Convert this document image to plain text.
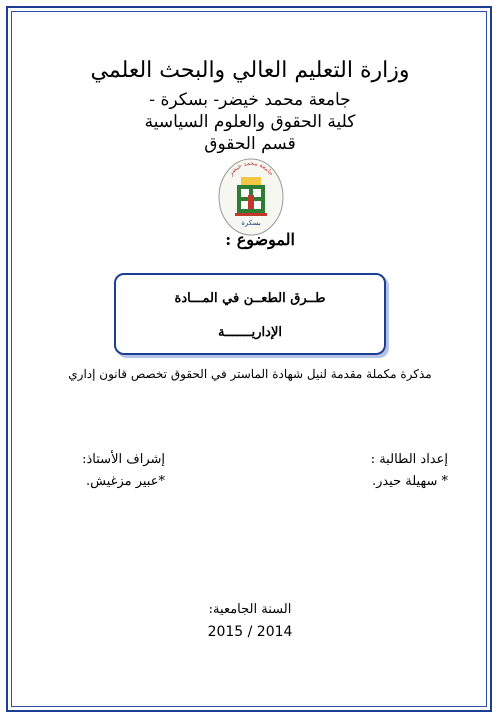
وزارة التعليم العالي والبحث العلمي
جامعة محمد خيضر- بسكرة -
كلية الحقوق والعلوم السياسية
قسم الحقوق
جامعة محمد خيضر
بسكرة
الموضوع :
طــرق الطعــن في المـــادة
الإداريـــــــة
مذكرة مكملة مقدمة لنيل شهادة الماستر في الحقوق تخصص قانون إداري
إعداد الطالبة :
* سهيلة حيدر.
إشراف الأستاذ:
*عبير مزغيش.
السنة الجامعية:
2015 / 2014
